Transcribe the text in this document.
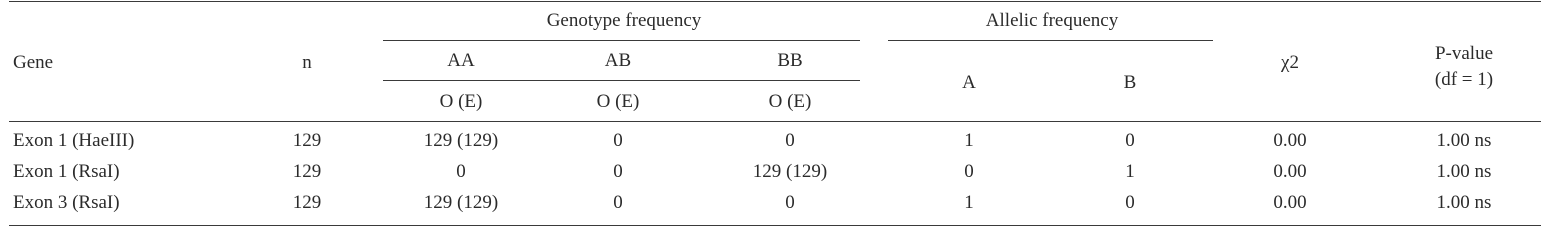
Gene	n
Genotype frequency	Allelic frequency
AA	AB	BB
O (E)	O (E)	O (E)
A	B
χ2	P-value
(df = 1)
Exon 1 (HaeIII)	129	129 (129)	0	0	1	0	0.00	1.00 ns
Exon 1 (RsaI)	129	0	0	129 (129)	0	1	0.00	1.00 ns
Exon 3 (RsaI)	129	129 (129)	0	0	1	0	0.00	1.00 ns
